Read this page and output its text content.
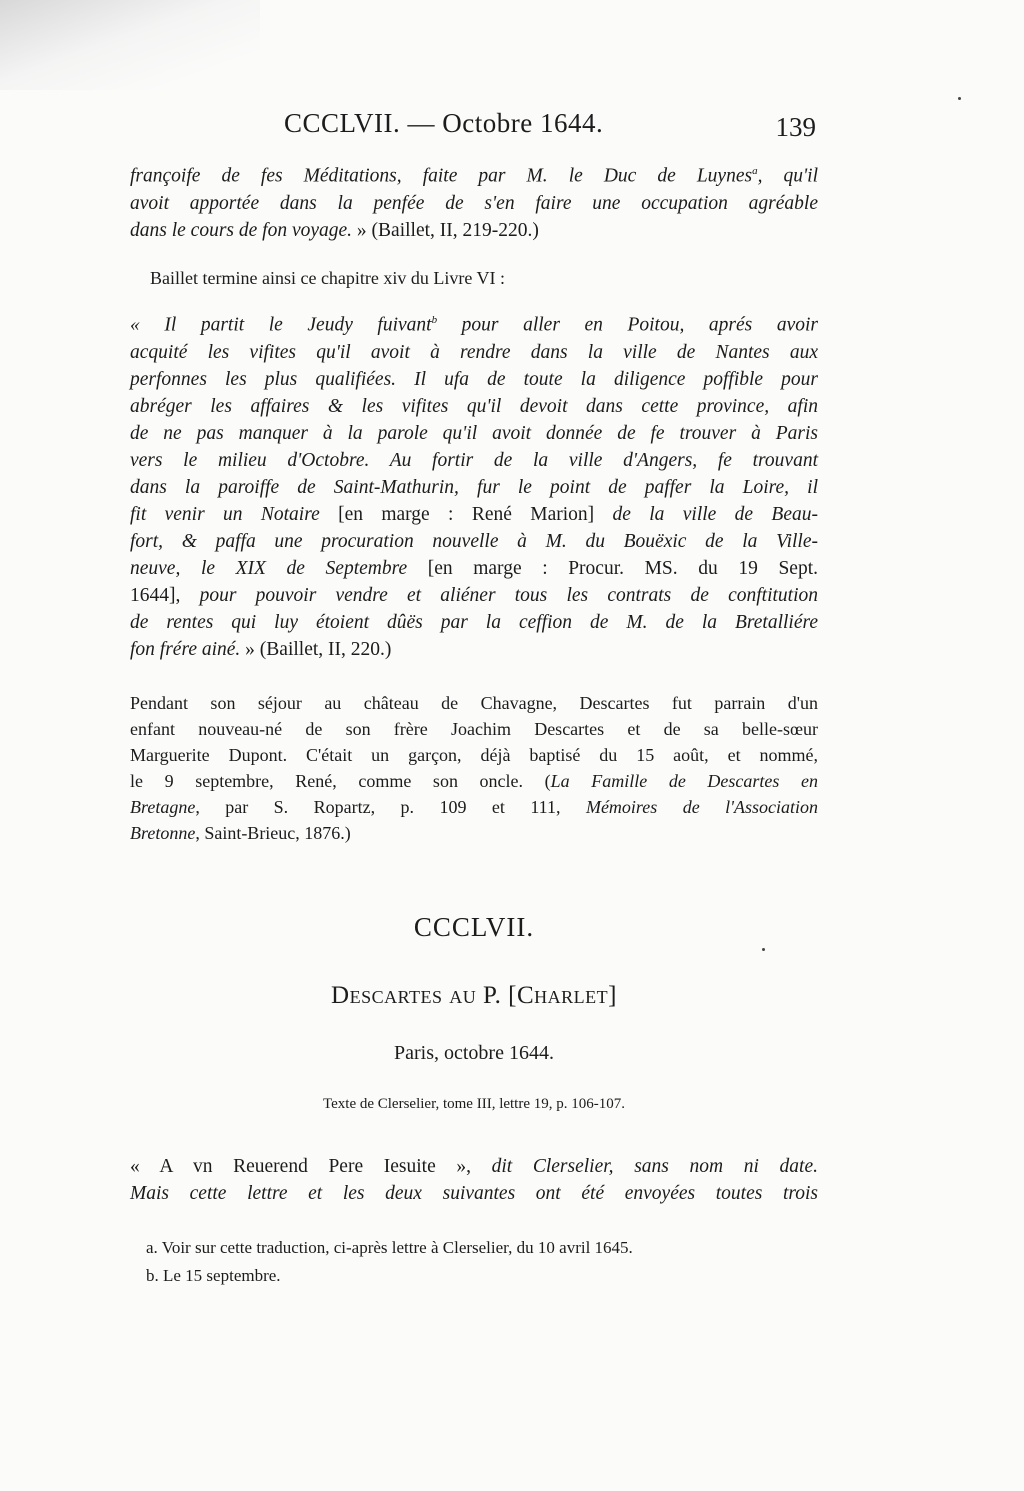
CCCLVII. — Octobre 1644.	139
françoife de fes Méditations, faite par M. le Duc de Luynes$^a$, qu'il
avoit apportée dans la penfée de s'en faire une occupation agréable
dans le cours de fon voyage. » (Baillet, II, 219-220.)
Baillet termine ainsi ce chapitre xiv du Livre VI :
« Il partit le Jeudy fuivant$^b$ pour aller en Poitou, aprés avoir
acquité les vifites qu'il avoit à rendre dans la ville de Nantes aux
perfonnes les plus qualifiées. Il ufa de toute la diligence poffible pour
abréger les affaires & les vifites qu'il devoit dans cette province, afin
de ne pas manquer à la parole qu'il avoit donnée de fe trouver à Paris
vers le milieu d'Octobre. Au fortir de la ville d'Angers, fe trouvant
dans la paroiffe de Saint-Mathurin, fur le point de paffer la Loire, il
fit venir un Notaire [en marge : René Marion] de la ville de Beau-
fort, & paffa une procuration nouvelle à M. du Bouëxic de la Ville-
neuve, le XIX de Septembre [en marge : Procur. MS. du 19 Sept.
1644], pour pouvoir vendre et aliéner tous les contrats de conftitution
de rentes qui luy étoient dûës par la ceffion de M. de la Bretalliére
fon frére ainé. » (Baillet, II, 220.)
Pendant son séjour au château de Chavagne, Descartes fut parrain d'un
enfant nouveau-né de son frère Joachim Descartes et de sa belle-sœur
Marguerite Dupont. C'était un garçon, déjà baptisé du 15 août, et nommé,
le 9 septembre, René, comme son oncle. (La Famille de Descartes en
Bretagne, par S. Ropartz, p. 109 et 111, Mémoires de l'Association
Bretonne, Saint-Brieuc, 1876.)
CCCLVII.
Descartes au P. [Charlet]
Paris, octobre 1644.
Texte de Clerselier, tome III, lettre 19, p. 106-107.
« A vn Reuerend Pere Iesuite », dit Clerselier, sans nom ni date.
Mais cette lettre et les deux suivantes ont été envoyées toutes trois
a. Voir sur cette traduction, ci-après lettre à Clerselier, du 10 avril 1645.
b. Le 15 septembre.
